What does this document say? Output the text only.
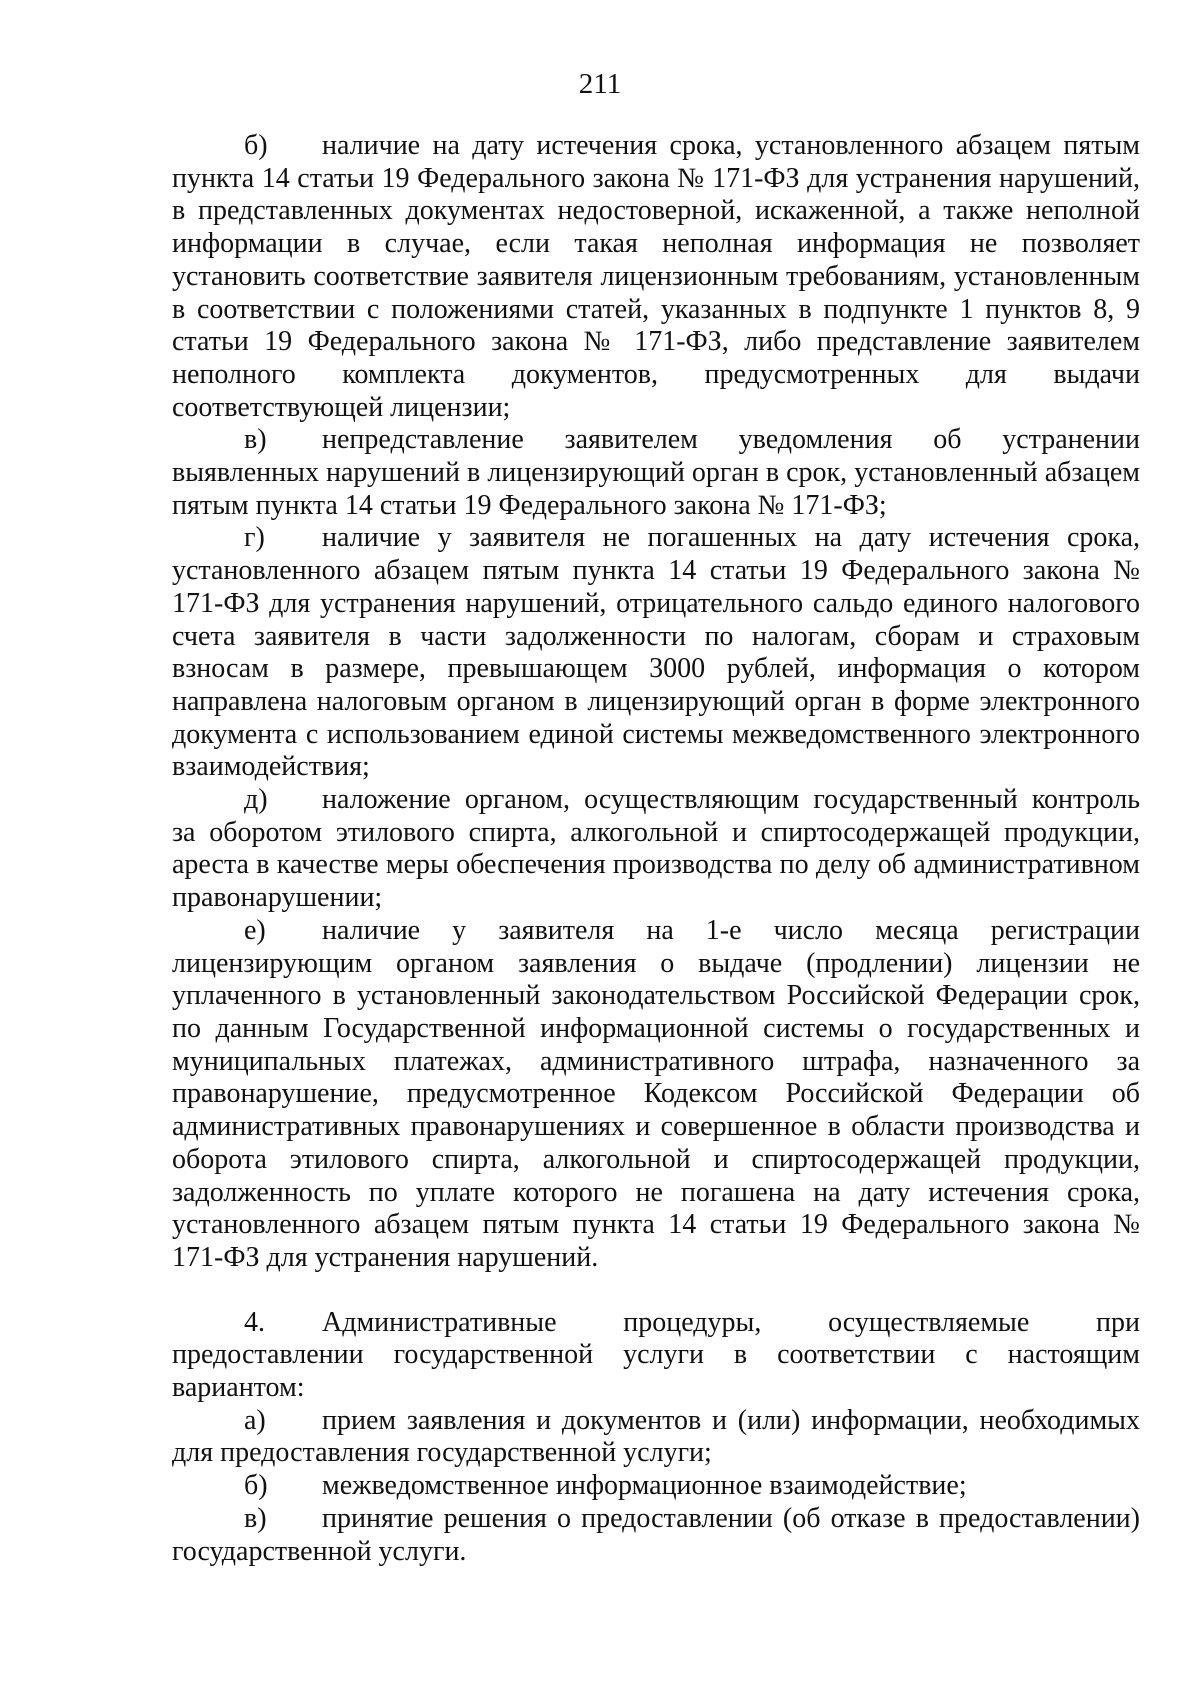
211

б) наличие на дату истечения срока, установленного абзацем пятым пункта 14 статьи 19 Федерального закона № 171-ФЗ для устранения нарушений, в представленных документах недостоверной, искаженной, а также неполной информации в случае, если такая неполная информация не позволяет установить соответствие заявителя лицензионным требованиям, установленным в соответствии с положениями статей, указанных в подпункте 1 пунктов 8, 9 статьи 19 Федерального закона № 171-ФЗ, либо представление заявителем неполного комплекта документов, предусмотренных для выдачи соответствующей лицензии;

в) непредставление заявителем уведомления об устранении выявленных нарушений в лицензирующий орган в срок, установленный абзацем пятым пункта 14 статьи 19 Федерального закона № 171-ФЗ;

г) наличие у заявителя не погашенных на дату истечения срока, установленного абзацем пятым пункта 14 статьи 19 Федерального закона № 171-ФЗ для устранения нарушений, отрицательного сальдо единого налогового счета заявителя в части задолженности по налогам, сборам и страховым взносам в размере, превышающем 3000 рублей, информация о котором направлена налоговым органом в лицензирующий орган в форме электронного документа с использованием единой системы межведомственного электронного взаимодействия;

д) наложение органом, осуществляющим государственный контроль за оборотом этилового спирта, алкогольной и спиртосодержащей продукции, ареста в качестве меры обеспечения производства по делу об административном правонарушении;

е) наличие у заявителя на 1-е число месяца регистрации лицензирующим органом заявления о выдаче (продлении) лицензии не уплаченного в установленный законодательством Российской Федерации срок, по данным Государственной информационной системы о государственных и муниципальных платежах, административного штрафа, назначенного за правонарушение, предусмотренное Кодексом Российской Федерации об административных правонарушениях и совершенное в области производства и оборота этилового спирта, алкогольной и спиртосодержащей продукции, задолженность по уплате которого не погашена на дату истечения срока, установленного абзацем пятым пункта 14 статьи 19 Федерального закона № 171-ФЗ для устранения нарушений.

4. Административные процедуры, осуществляемые при предоставлении государственной услуги в соответствии с настоящим вариантом:

а) прием заявления и документов и (или) информации, необходимых для предоставления государственной услуги;

б) межведомственное информационное взаимодействие;

в) принятие решения о предоставлении (об отказе в предоставлении) государственной услуги.
